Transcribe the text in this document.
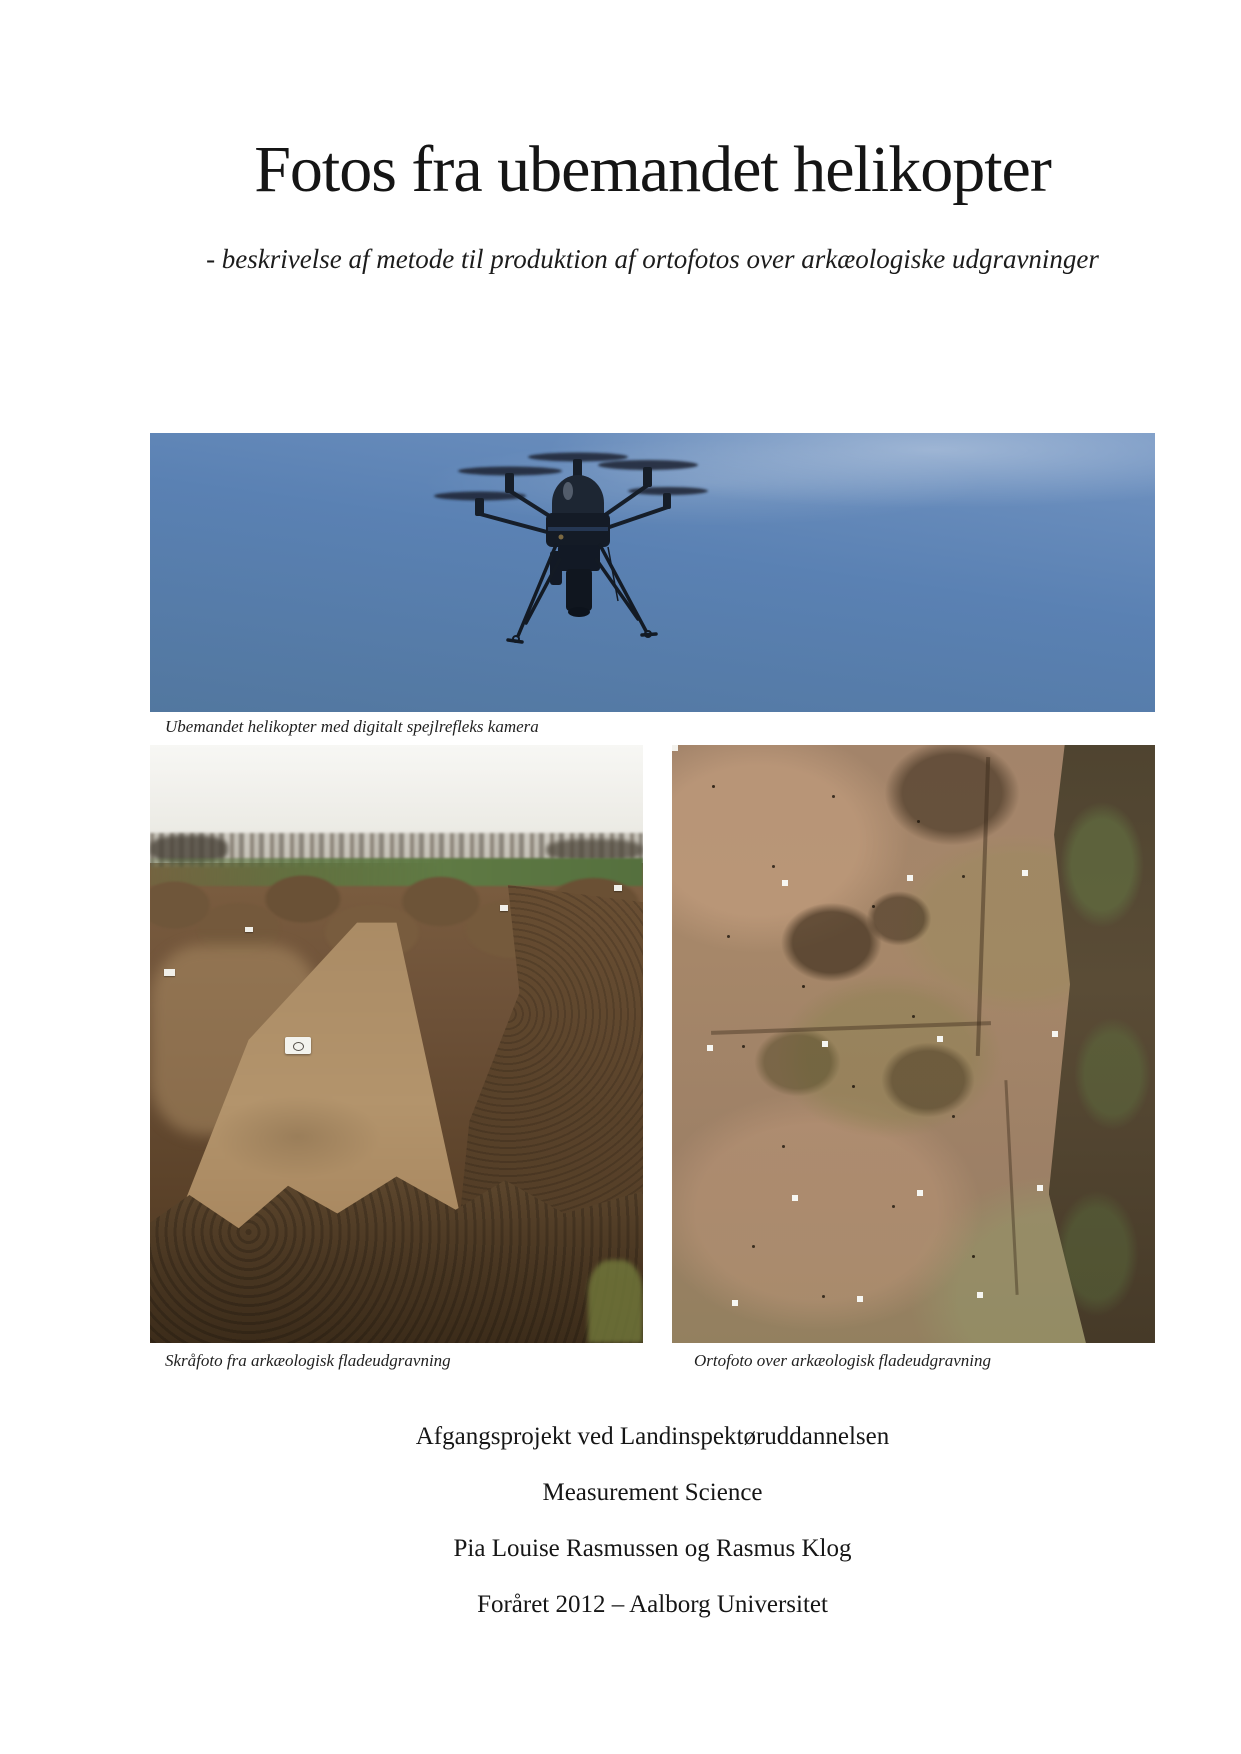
Fotos fra ubemandet helikopter
- beskrivelse af metode til produktion af ortofotos over arkæologiske udgravninger
Ubemandet helikopter med digitalt spejlrefleks kamera
Skråfoto fra arkæologisk fladeudgravning	Ortofoto over arkæologisk fladeudgravning
Afgangsprojekt ved Landinspektøruddannelsen
Measurement Science
Pia Louise Rasmussen og Rasmus Klog
Foråret 2012 – Aalborg Universitet
